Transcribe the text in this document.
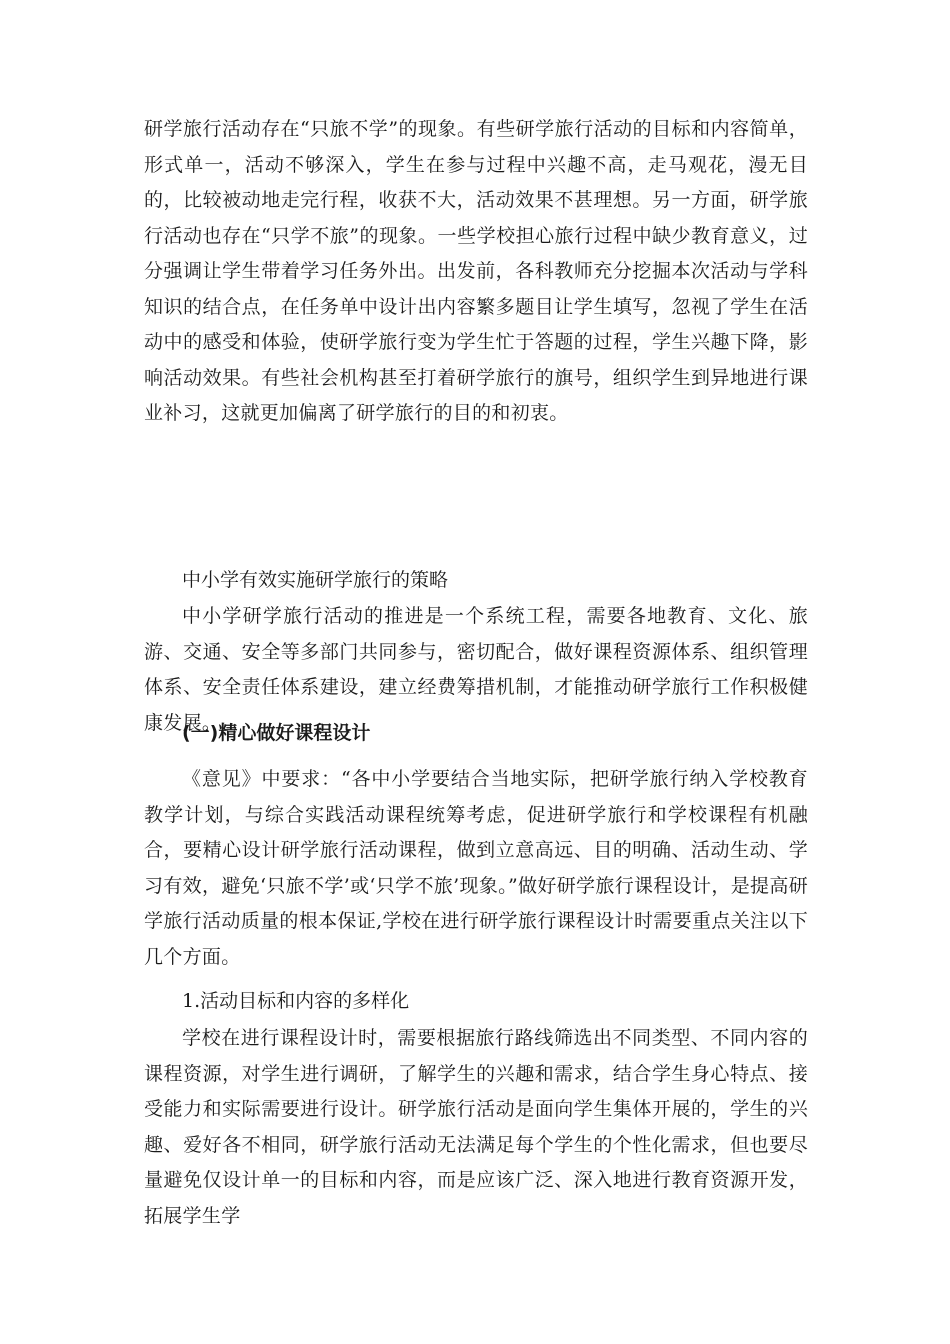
研学旅行活动存在“只旅不学”的现象。有些研学旅行活动的目标和内容简单，形式单一，活动不够深入，学生在参与过程中兴趣不高，走马观花，漫无目的，比较被动地走完行程，收获不大，活动效果不甚理想。另一方面，研学旅行活动也存在“只学不旅”的现象。一些学校担心旅行过程中缺少教育意义，过分强调让学生带着学习任务外出。出发前，各科教师充分挖掘本次活动与学科知识的结合点，在任务单中设计出内容繁多题目让学生填写，忽视了学生在活动中的感受和体验，使研学旅行变为学生忙于答题的过程，学生兴趣下降，影响活动效果。有些社会机构甚至打着研学旅行的旗号，组织学生到异地进行课业补习，这就更加偏离了研学旅行的目的和初衷。

中小学有效实施研学旅行的策略

中小学研学旅行活动的推进是一个系统工程，需要各地教育、文化、旅游、交通、安全等多部门共同参与，密切配合，做好课程资源体系、组织管理体系、安全责任体系建设，建立经费筹措机制，才能推动研学旅行工作积极健康发展。

(一)精心做好课程设计

《意见》中要求：“各中小学要结合当地实际，把研学旅行纳入学校教育教学计划，与综合实践活动课程统筹考虑，促进研学旅行和学校课程有机融合，要精心设计研学旅行活动课程，做到立意高远、目的明确、活动生动、学习有效，避免‘只旅不学’或‘只学不旅’现象。”做好研学旅行课程设计，是提高研学旅行活动质量的根本保证,学校在进行研学旅行课程设计时需要重点关注以下几个方面。

1.活动目标和内容的多样化

学校在进行课程设计时，需要根据旅行路线筛选出不同类型、不同内容的课程资源，对学生进行调研，了解学生的兴趣和需求，结合学生身心特点、接受能力和实际需要进行设计。研学旅行活动是面向学生集体开展的，学生的兴趣、爱好各不相同，研学旅行活动无法满足每个学生的个性化需求，但也要尽量避免仅设计单一的目标和内容，而是应该广泛、深入地进行教育资源开发，拓展学生学
